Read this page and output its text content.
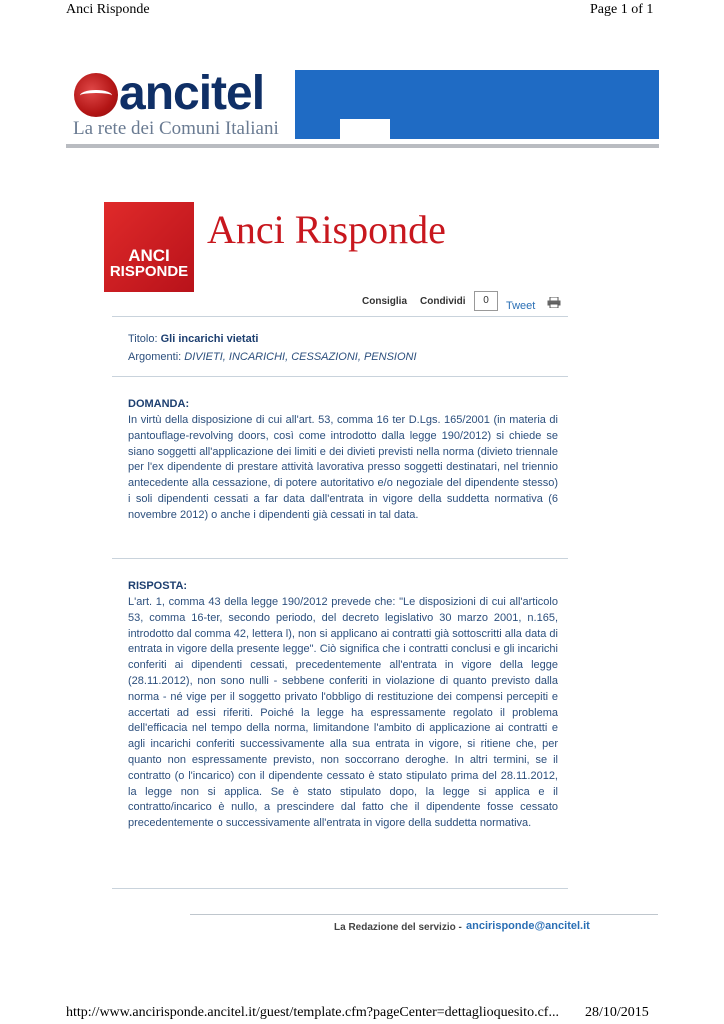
Anci Risponde	Page 1 of 1
ancitel
La rete dei Comuni Italiani
ANCI
RISPONDE
Anci Risponde
Consiglia Condividi	0	Tweet
Titolo: Gli incarichi vietati
Argomenti: DIVIETI, INCARICHI, CESSAZIONI, PENSIONI
DOMANDA:
In virtù della disposizione di cui all'art. 53, comma 16 ter D.Lgs. 165/2001 (in materia di pantouflage-revolving doors, così come introdotto dalla legge 190/2012) si chiede se siano soggetti all'applicazione dei limiti e dei divieti previsti nella norma (divieto triennale per l'ex dipendente di prestare attività lavorativa presso soggetti destinatari, nel triennio antecedente alla cessazione, di potere autoritativo e/o negoziale del dipendente stesso) i soli dipendenti cessati a far data dall'entrata in vigore della suddetta normativa (6 novembre 2012) o anche i dipendenti già cessati in tal data.
RISPOSTA:
L'art. 1, comma 43 della legge 190/2012 prevede che: "Le disposizioni di cui all'articolo 53, comma 16-ter, secondo periodo, del decreto legislativo 30 marzo 2001, n.165, introdotto dal comma 42, lettera l), non si applicano ai contratti già sottoscritti alla data di entrata in vigore della presente legge". Ciò significa che i contratti conclusi e gli incarichi conferiti ai dipendenti cessati, precedentemente all'entrata in vigore della legge (28.11.2012), non sono nulli - sebbene conferiti in violazione di quanto previsto dalla norma - né vige per il soggetto privato l'obbligo di restituzione dei compensi percepiti e accertati ad essi riferiti. Poiché la legge ha espressamente regolato il problema dell'efficacia nel tempo della norma, limitandone l'ambito di applicazione ai contratti e agli incarichi conferiti successivamente alla sua entrata in vigore, si ritiene che, per quanto non espressamente previsto, non soccorrano deroghe. In altri termini, se il contratto (o l'incarico) con il dipendente cessato è stato stipulato prima del 28.11.2012, la legge non si applica. Se è stato stipulato dopo, la legge si applica e il contratto/incarico è nullo, a prescindere dal fatto che il dipendente fosse cessato precedentemente o successivamente all'entrata in vigore della suddetta normativa.
La Redazione del servizio - ancirisponde@ancitel.it
http://www.ancirisponde.ancitel.it/guest/template.cfm?pageCenter=dettaglioquesito.cf... 28/10/2015
